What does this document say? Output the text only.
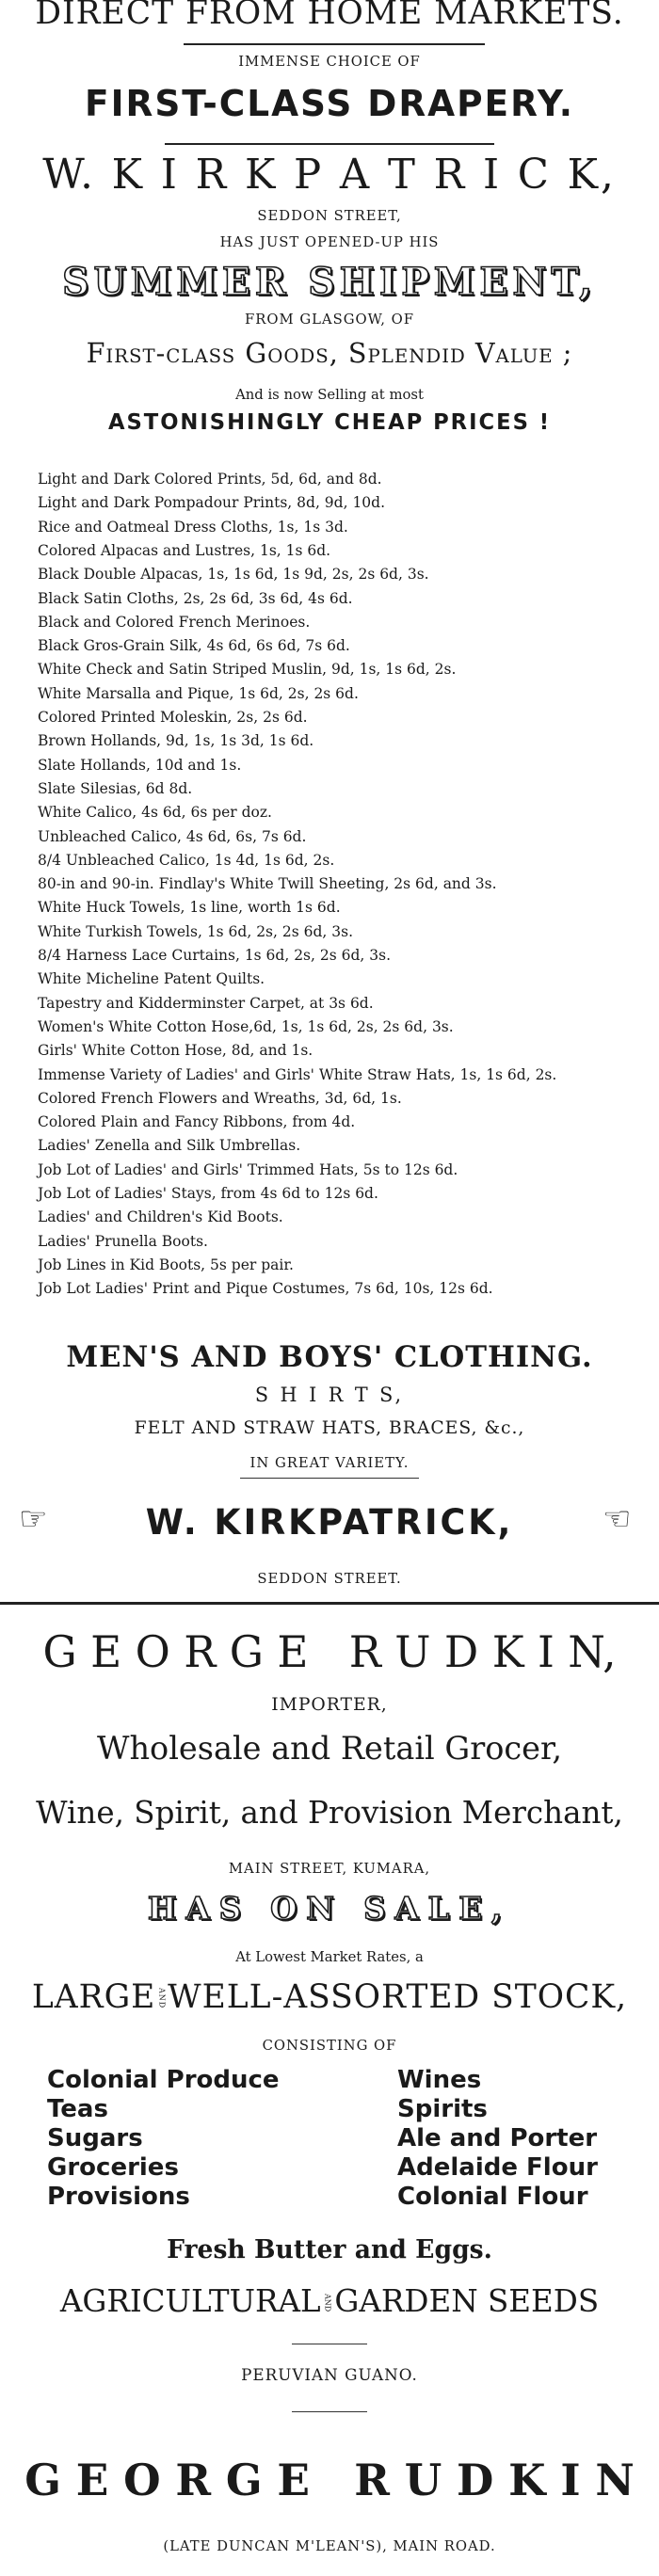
DIRECT FROM HOME MARKETS.
IMMENSE CHOICE OF
FIRST-CLASS DRAPERY.
W. K I R K P A T R I C K,
SEDDON STREET,
HAS JUST OPENED-UP HIS
SUMMER SHIPMENT,
FROM GLASGOW, OF
First-class Goods, Splendid Value ;
And is now Selling at most
ASTONISHINGLY CHEAP PRICES !
Light and Dark Colored Prints, 5d, 6d, and 8d.
Light and Dark Pompadour Prints, 8d, 9d, 10d.
Rice and Oatmeal Dress Cloths, 1s, 1s 3d.
Colored Alpacas and Lustres, 1s, 1s 6d.
Black Double Alpacas, 1s, 1s 6d, 1s 9d, 2s, 2s 6d, 3s.
Black Satin Cloths, 2s, 2s 6d, 3s 6d, 4s 6d.
Black and Colored French Merinoes.
Black Gros-Grain Silk, 4s 6d, 6s 6d, 7s 6d.
White Check and Satin Striped Muslin, 9d, 1s, 1s 6d, 2s.
White Marsalla and Pique, 1s 6d, 2s, 2s 6d.
Colored Printed Moleskin, 2s, 2s 6d.
Brown Hollands, 9d, 1s, 1s 3d, 1s 6d.
Slate Hollands, 10d and 1s.
Slate Silesias, 6d 8d.
White Calico, 4s 6d, 6s per doz.
Unbleached Calico, 4s 6d, 6s, 7s 6d.
8/4 Unbleached Calico, 1s 4d, 1s 6d, 2s.
80-in and 90-in. Findlay's White Twill Sheeting, 2s 6d, and 3s.
White Huck Towels, 1s line, worth 1s 6d.
White Turkish Towels, 1s 6d, 2s, 2s 6d, 3s.
8/4 Harness Lace Curtains, 1s 6d, 2s, 2s 6d, 3s.
White Micheline Patent Quilts.
Tapestry and Kidderminster Carpet, at 3s 6d.
Women's White Cotton Hose,6d, 1s, 1s 6d, 2s, 2s 6d, 3s.
Girls' White Cotton Hose, 8d, and 1s.
Immense Variety of Ladies' and Girls' White Straw Hats, 1s, 1s 6d, 2s.
Colored French Flowers and Wreaths, 3d, 6d, 1s.
Colored Plain and Fancy Ribbons, from 4d.
Ladies' Zenella and Silk Umbrellas.
Job Lot of Ladies' and Girls' Trimmed Hats, 5s to 12s 6d.
Job Lot of Ladies' Stays, from 4s 6d to 12s 6d.
Ladies' and Children's Kid Boots.
Ladies' Prunella Boots.
Job Lines in Kid Boots, 5s per pair.
Job Lot Ladies' Print and Pique Costumes, 7s 6d, 10s, 12s 6d.
MEN'S AND BOYS' CLOTHING.
S H I R T S,
FELT AND STRAW HATS, BRACES, &c.,
IN GREAT VARIETY.
☞	W. KIRKPATRICK,	☜
SEDDON STREET.
G E O R G E   R U D K I N,
IMPORTER,
Wholesale and Retail Grocer,
Wine, Spirit, and Provision Merchant,
MAIN STREET, KUMARA,
HAS ON SALE,
At Lowest Market Rates, a
LARGE ANDWELL-ASSORTED STOCK,
CONSISTING OF
Colonial Produce
Teas
Sugars
Groceries
Provisions
Wines
Spirits
Ale and Porter
Adelaide Flour
Colonial Flour
Fresh Butter and Eggs.
AGRICULTURAL ANDGARDEN SEEDS
PERUVIAN GUANO.
G E O R G E   R U D K I N
(LATE DUNCAN M'LEAN'S), MAIN ROAD.
